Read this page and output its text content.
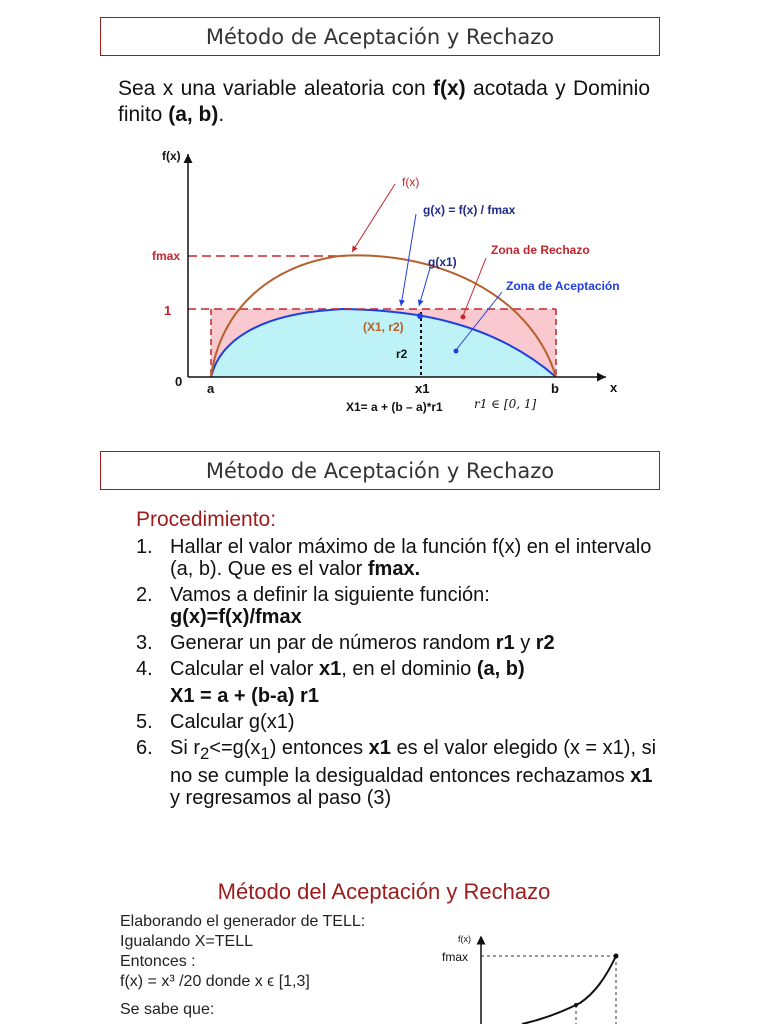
Método de Aceptación y Rechazo
Sea x una variable aleatoria con f(x) acotada y Dominio finito (a, b).
f(x)
x
fmax
1
0 a	b
x1
r2
(X1, r2)
f(x)
g(x) = f(x) / fmax
g(x1)
Zona de Rechazo
Zona de Aceptación
X1= a + (b – a)*r1	r1 ∈ [0, 1]
Método de Aceptación y Rechazo
Procedimiento:
1. Hallar el valor máximo de la función f(x) en el intervalo (a, b). Que es el valor fmax.
2. Vamos a definir la siguiente función:
g(x)=f(x)/fmax
3. Generar un par de números random r1 y r2
4. Calcular el valor x1, en el dominio (a, b)

X1 = a + (b-a) r1
5. Calcular g(x1)
6. Si $r_2<=g(x_1)$ entonces x1 es el valor elegido (x = x1), si no se cumple la desigualdad entonces rechazamos x1 y regresamos al paso (3)
Método del Aceptación y Rechazo
Elaborando el generador de TELL:
Igualando X=TELL
Entonces :
f(x) = x³ /20 donde x ϵ [1,3]
Se sabe que:
f(x)
fmax
